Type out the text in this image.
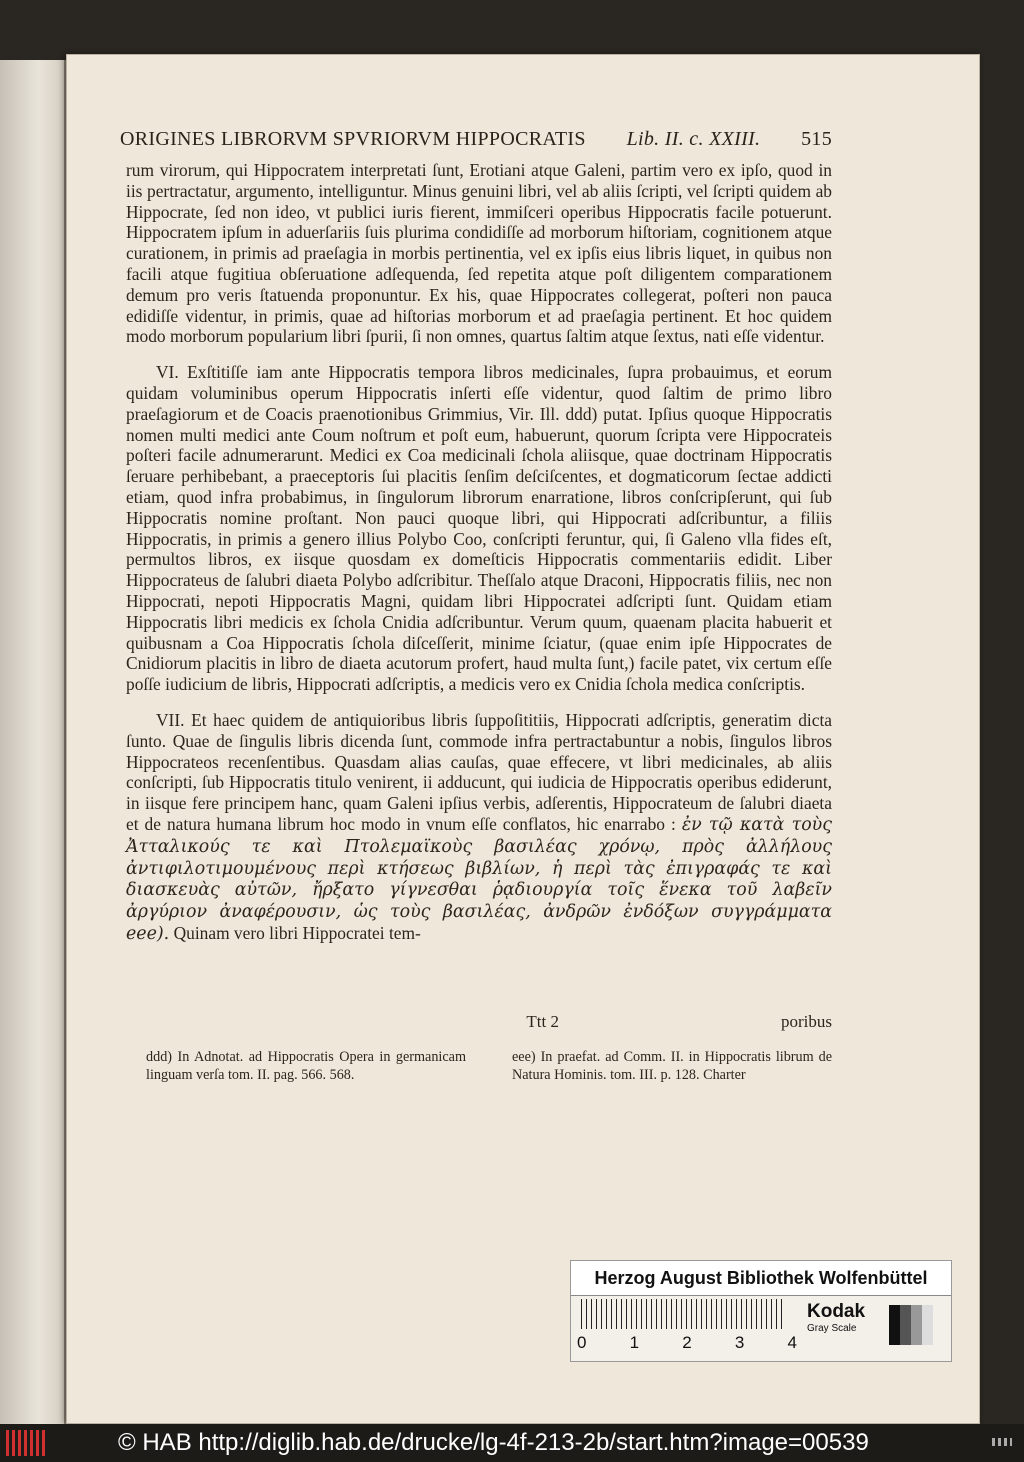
ORIGINES LIBRORVM SPVRIORVM HIPPOCRATIS Lib. II. c. XXIII. 515

rum virorum, qui Hippocratem interpretati ſunt, Erotiani atque Galeni, partim vero ex ipſo, quod in iis pertractatur, argumento, intelliguntur. Minus genuini libri, vel ab aliis ſcripti, vel ſcripti quidem ab Hippocrate, ſed non ideo, vt publici iuris fierent, immiſceri operibus Hippocratis facile potuerunt. Hippocratem ipſum in aduerſariis ſuis plurima condidiſſe ad morborum hiſtoriam, cognitionem atque curationem, in primis ad praeſagia in morbis pertinentia, vel ex ipſis eius libris liquet, in quibus non facili atque fugitiua obſeruatione adſequenda, ſed repetita atque poſt diligentem comparationem demum pro veris ſtatuenda proponuntur. Ex his, quae Hippocrates collegerat, poſteri non pauca edidiſſe videntur, in primis, quae ad hiſtorias morborum et ad praeſagia pertinent. Et hoc quidem modo morborum popularium libri ſpurii, ſi non omnes, quartus ſaltim atque ſextus, nati eſſe videntur.

VI. Exſtitiſſe iam ante Hippocratis tempora libros medicinales, ſupra probauimus, et eorum quidam voluminibus operum Hippocratis inſerti eſſe videntur, quod ſaltim de primo libro praeſagiorum et de Coacis praenotionibus Grimmius, Vir. Ill. ddd) putat. Ipſius quoque Hippocratis nomen multi medici ante Coum noſtrum et poſt eum, habuerunt, quorum ſcripta vere Hippocrateis poſteri facile adnumerarunt. Medici ex Coa medicinali ſchola aliisque, quae doctrinam Hippocratis ſeruare perhibebant, a praeceptoris ſui placitis ſenſim deſciſcentes, et dogmaticorum ſectae addicti etiam, quod infra probabimus, in ſingulorum librorum enarratione, libros conſcripſerunt, qui ſub Hippocratis nomine proſtant. Non pauci quoque libri, qui Hippocrati adſcribuntur, a filiis Hippocratis, in primis a genero illius Polybo Coo, conſcripti feruntur, qui, ſi Galeno vlla fides eſt, permultos libros, ex iisque quosdam ex domeſticis Hippocratis commentariis edidit. Liber Hippocrateus de ſalubri diaeta Polybo adſcribitur. Theſſalo atque Draconi, Hippocratis filiis, nec non Hippocrati, nepoti Hippocratis Magni, quidam libri Hippocratei adſcripti ſunt. Quidam etiam Hippocratis libri medicis ex ſchola Cnidia adſcribuntur. Verum quum, quaenam placita habuerit et quibusnam a Coa Hippocratis ſchola diſceſſerit, minime ſciatur, (quae enim ipſe Hippocrates de Cnidiorum placitis in libro de diaeta acutorum profert, haud multa ſunt,) facile patet, vix certum eſſe poſſe iudicium de libris, Hippocrati adſcriptis, a medicis vero ex Cnidia ſchola medica conſcriptis.

VII. Et haec quidem de antiquioribus libris ſuppoſititiis, Hippocrati adſcriptis, generatim dicta ſunto. Quae de ſingulis libris dicenda ſunt, commode infra pertractabuntur a nobis, ſingulos libros Hippocrateos recenſentibus. Quasdam alias cauſas, quae effecere, vt libri medicinales, ab aliis conſcripti, ſub Hippocratis titulo venirent, ii adducunt, qui iudicia de Hippocratis operibus ediderunt, in iisque fere principem hanc, quam Galeni ipſius verbis, adſerentis, Hippocrateum de ſalubri diaeta et de natura humana librum hoc modo in vnum eſſe conflatos, hic enarrabo : ἐν τῷ κατὰ τοὺς Ἀτταλικούς τε καὶ Πτολεμαϊκοὺς βασιλέας χρόνῳ, πρὸς ἀλλήλους ἀντιφιλοτιμουμένους περὶ κτήσεως βιβλίων, ἡ περὶ τὰς ἐπιγραφάς τε καὶ διασκευὰς αὐτῶν, ἤρξατο γίγνεσθαι ῥᾳδιουργία τοῖς ἕνεκα τοῦ λαβεῖν ἀργύριον ἀναφέρουσιν, ὡς τοὺς βασιλέας, ἀνδρῶν ἐνδόξων συγγράμματα eee). Quinam vero libri Hippocratei tem-

Ttt 2	poribus
ddd) In Adnotat. ad Hippocratis Opera in germanicam linguam verſa tom. II. pag. 566. 568.
eee) In praefat. ad Comm. II. in Hippocratis librum de Natura Hominis. tom. III. p. 128. Charter
Herzog August Bibliothek Wolfenbüttel
0	1	2	3	4
Kodak
Gray Scale
© HAB http://diglib.hab.de/drucke/lg-4f-213-2b/start.htm?image=00539
